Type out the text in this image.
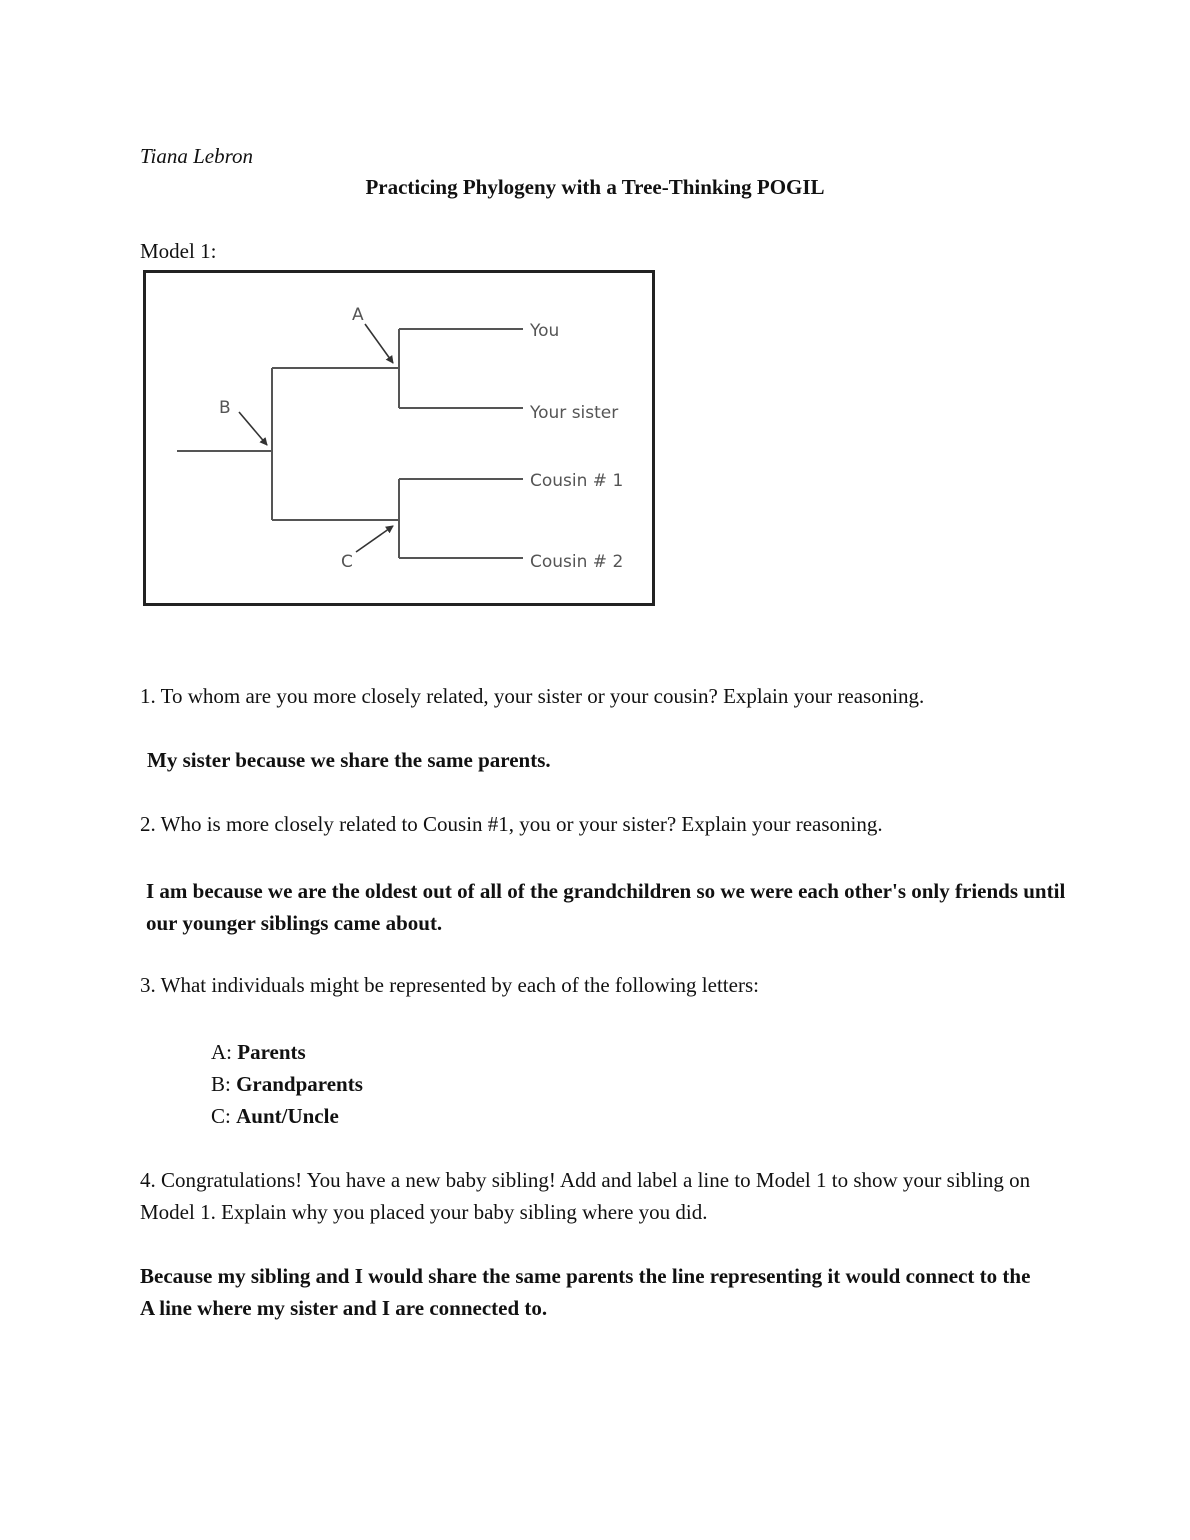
Tiana Lebron
Practicing Phylogeny with a Tree-Thinking POGIL
Model 1:
A
B
C
You
Your sister
Cousin # 1
Cousin # 2
1. To whom are you more closely related, your sister or your cousin? Explain your reasoning.
My sister because we share the same parents.
2. Who is more closely related to Cousin #1, you or your sister? Explain your reasoning.
I am because we are the oldest out of all of the grandchildren so we were each other's only friends until our younger siblings came about.
3. What individuals might be represented by each of the following letters:
A: Parents
B: Grandparents
C: Aunt/Uncle
4. Congratulations! You have a new baby sibling! Add and label a line to Model 1 to show your sibling on Model 1. Explain why you placed your baby sibling where you did.
Because my sibling and I would share the same parents the line representing it would connect to the A line where my sister and I are connected to.
